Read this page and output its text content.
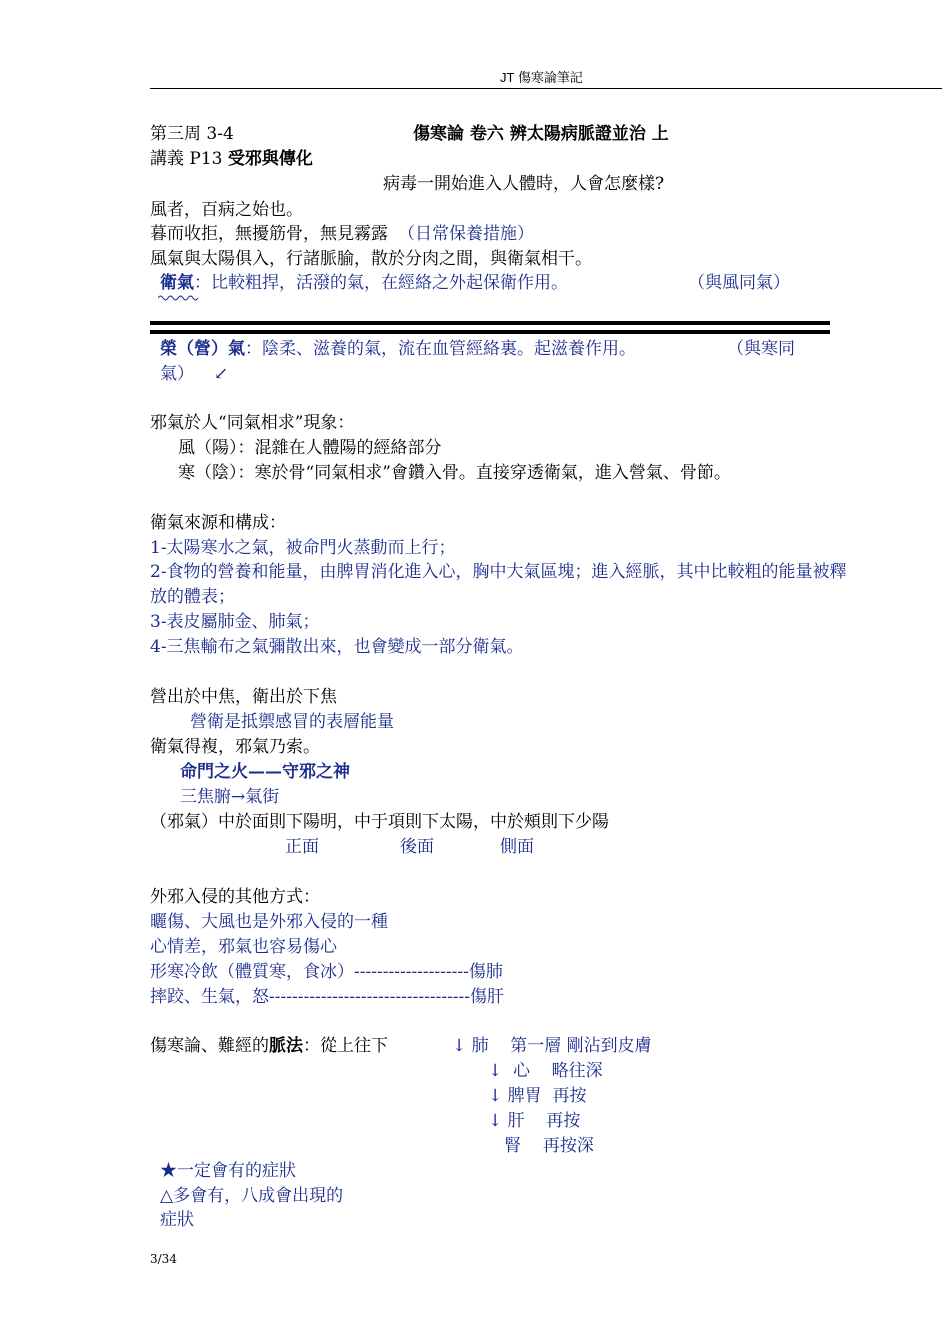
JT 傷寒論筆記
第三周 3-4	傷寒論 卷六 辨太陽病脈證並治 上
講義 P13 受邪與傳化
病毒一開始進入人體時，人會怎麼樣?
風者，百病之始也。
暮而收拒，無擾筋骨，無見霧露 （日常保養措施）
風氣與太陽俱入，行諸脈腧，散於分肉之間，與衛氣相干。
衛氣：比較粗捍，活潑的氣，在經絡之外起保衛作用。	（與風同氣）
榮（營）氣：陰柔、滋養的氣，流在血管經絡裏。起滋養作用。	（與寒同
氣） ↙
邪氣於人“同氣相求”現象：
風（陽）：混雜在人體陽的經絡部分
寒（陰）：寒於骨“同氣相求”會鑽入骨。直接穿透衛氣，進入營氣、骨節。
衛氣來源和構成：
1-太陽寒水之氣，被命門火蒸動而上行；
2-食物的營養和能量，由脾胃消化進入心，胸中大氣區塊；進入經脈，其中比較粗的能量被釋
放的體表；
3-表皮屬肺金、肺氣；
4-三焦輸布之氣彌散出來，也會變成一部分衛氣。
營出於中焦，衛出於下焦
營衛是抵禦感冒的表層能量
衛氣得複，邪氣乃索。
命門之火——守邪之神
三焦腑→氣街
（邪氣）中於面則下陽明，中于項則下太陽，中於頰則下少陽
正面	後面	側面
外邪入侵的其他方式：
曬傷、大風也是外邪入侵的一種
心情差，邪氣也容易傷心
形寒冷飲（體質寒，食冰）--------------------傷肺
摔跤、生氣，怒-----------------------------------傷肝
傷寒論、難經的脈法：從上往下	↓ 肺    第一層 剛沾到皮膚
↓  心    略往深
↓ 脾胃  再按
↓ 肝    再按
腎    再按深
★一定會有的症狀
△多會有，八成會出現的
症狀
3/34
